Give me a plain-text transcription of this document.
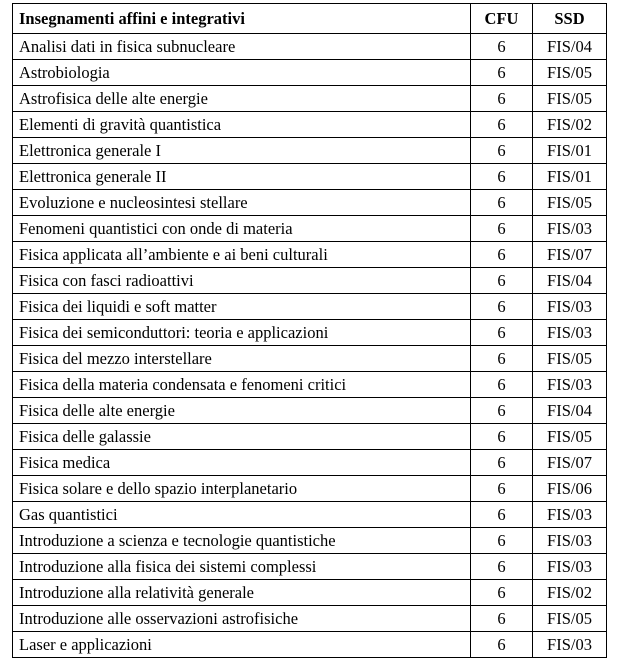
Insegnamenti affini e integrativi	CFU	SSD
Analisi dati in fisica subnucleare	6	FIS/04
Astrobiologia	6	FIS/05
Astrofisica delle alte energie	6	FIS/05
Elementi di gravità quantistica	6	FIS/02
Elettronica generale I	6	FIS/01
Elettronica generale II	6	FIS/01
Evoluzione e nucleosintesi stellare	6	FIS/05
Fenomeni quantistici con onde di materia	6	FIS/03
Fisica applicata all’ambiente e ai beni culturali	6	FIS/07
Fisica con fasci radioattivi	6	FIS/04
Fisica dei liquidi e soft matter	6	FIS/03
Fisica dei semiconduttori: teoria e applicazioni	6	FIS/03
Fisica del mezzo interstellare	6	FIS/05
Fisica della materia condensata e fenomeni critici	6	FIS/03
Fisica delle alte energie	6	FIS/04
Fisica delle galassie	6	FIS/05
Fisica medica	6	FIS/07
Fisica solare e dello spazio interplanetario	6	FIS/06
Gas quantistici	6	FIS/03
Introduzione a scienza e tecnologie quantistiche	6	FIS/03
Introduzione alla fisica dei sistemi complessi	6	FIS/03
Introduzione alla relatività generale	6	FIS/02
Introduzione alle osservazioni astrofisiche	6	FIS/05
Laser e applicazioni	6	FIS/03
